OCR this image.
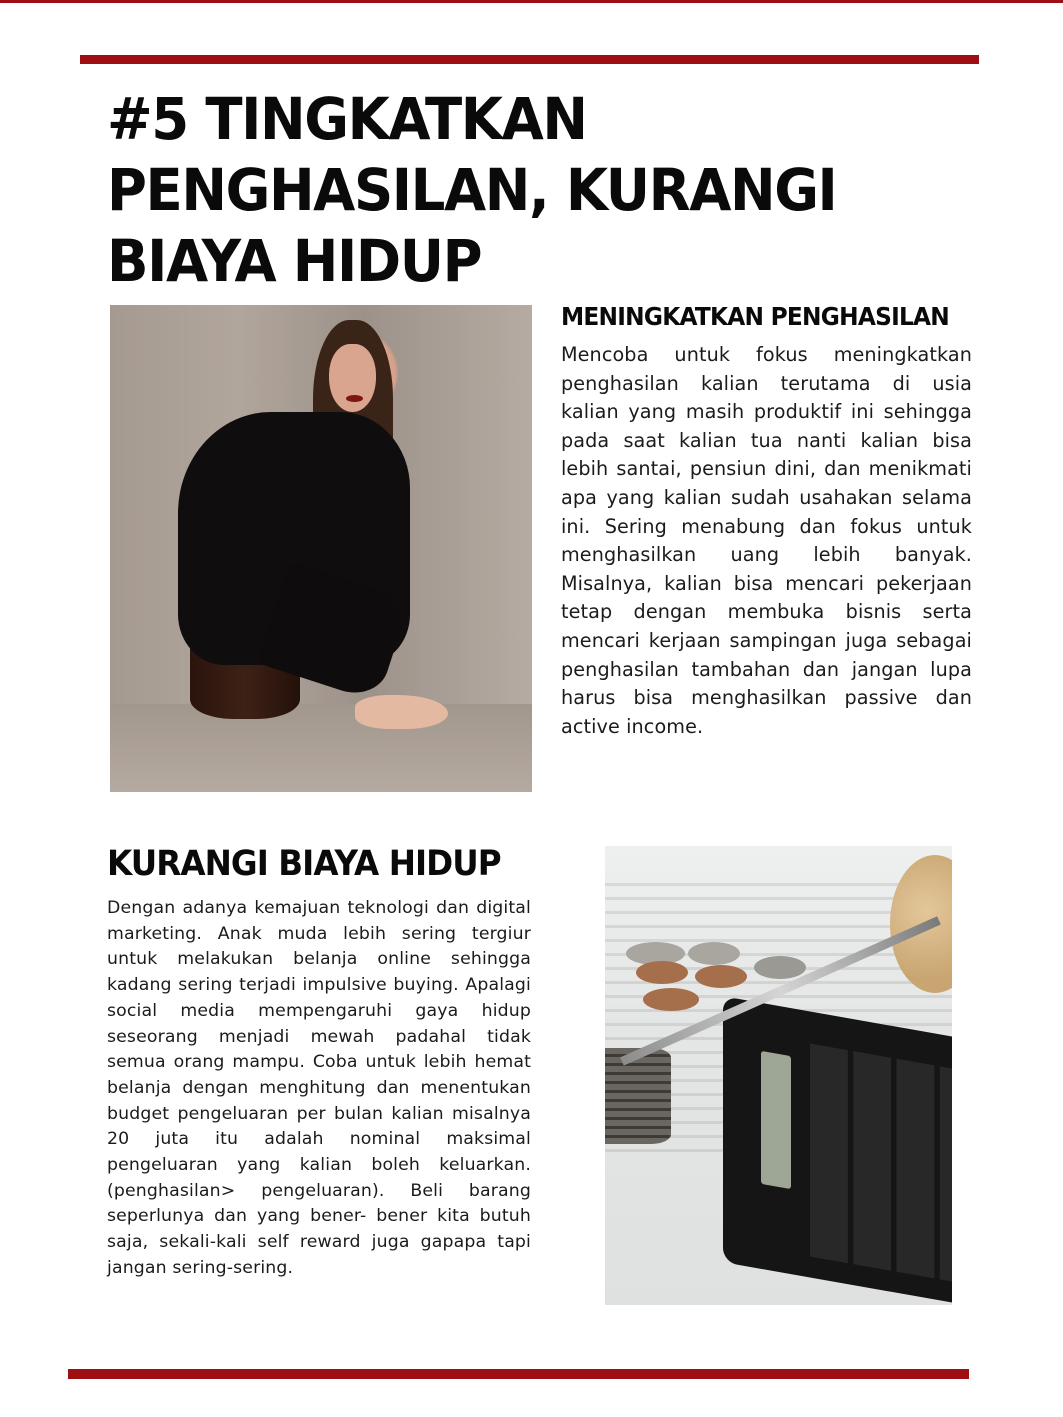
#5 TINGKATKAN
PENGHASILAN, KURANGI
BIAYA HIDUP
MENINGKATKAN PENGHASILAN

Mencoba untuk fokus meningkatkan penghasilan kalian terutama di usia kalian yang masih produktif ini sehingga pada saat kalian tua nanti kalian bisa lebih santai, pensiun dini, dan menikmati apa yang kalian sudah usahakan selama ini. Sering menabung dan fokus untuk menghasilkan uang lebih banyak. Misalnya, kalian bisa mencari pekerjaan tetap dengan membuka bisnis serta mencari kerjaan sampingan juga sebagai penghasilan tambahan dan jangan lupa harus bisa menghasilkan passive dan active income.

KURANGI BIAYA HIDUP

Dengan adanya kemajuan teknologi dan digital marketing. Anak muda lebih sering tergiur untuk melakukan belanja online sehingga kadang sering terjadi impulsive buying. Apalagi social media mempengaruhi gaya hidup seseorang menjadi mewah padahal tidak semua orang mampu. Coba untuk lebih hemat belanja dengan menghitung dan menentukan budget pengeluaran per bulan kalian misalnya 20 juta itu adalah nominal maksimal pengeluaran yang kalian boleh keluarkan. (penghasilan> pengeluaran). Beli barang seperlunya dan yang bener- bener kita butuh saja, sekali-kali self reward juga gapapa tapi jangan sering-sering.
